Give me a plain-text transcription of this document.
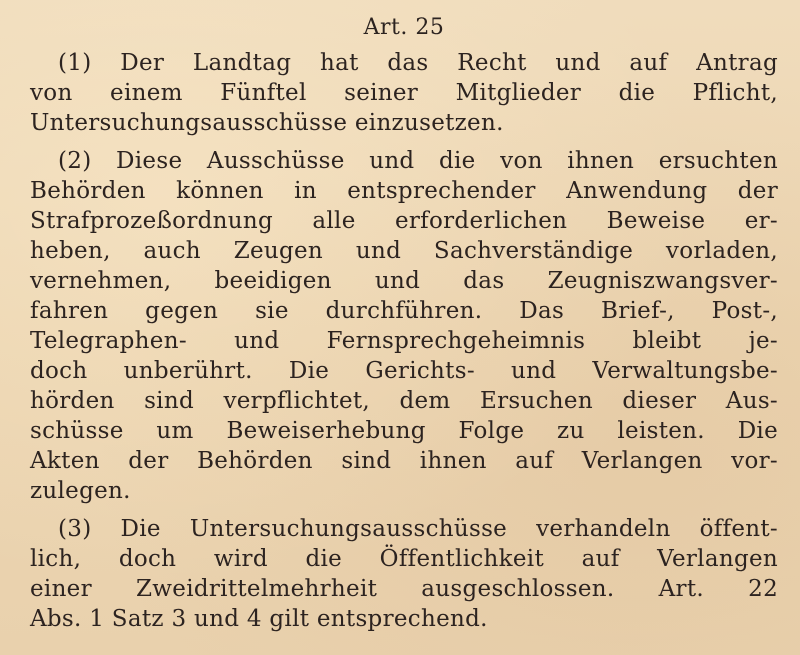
Art. 25
(1) Der Landtag hat das Recht und auf Antrag
von einem Fünftel seiner Mitglieder die Pflicht,
Untersuchungsausschüsse einzusetzen.
(2) Diese Ausschüsse und die von ihnen ersuchten
Behörden können in entsprechender Anwendung der
Strafprozeßordnung alle erforderlichen Beweise er-
heben, auch Zeugen und Sachverständige vorladen,
vernehmen, beeidigen und das Zeugniszwangsver-
fahren gegen sie durchführen. Das Brief-, Post-,
Telegraphen- und Fernsprechgeheimnis bleibt je-
doch unberührt. Die Gerichts- und Verwaltungsbe-
hörden sind verpflichtet, dem Ersuchen dieser Aus-
schüsse um Beweiserhebung Folge zu leisten. Die
Akten der Behörden sind ihnen auf Verlangen vor-
zulegen.
(3) Die Untersuchungsausschüsse verhandeln öffent-
lich, doch wird die Öffentlichkeit auf Verlangen
einer Zweidrittelmehrheit ausgeschlossen. Art. 22
Abs. 1 Satz 3 und 4 gilt entsprechend.
